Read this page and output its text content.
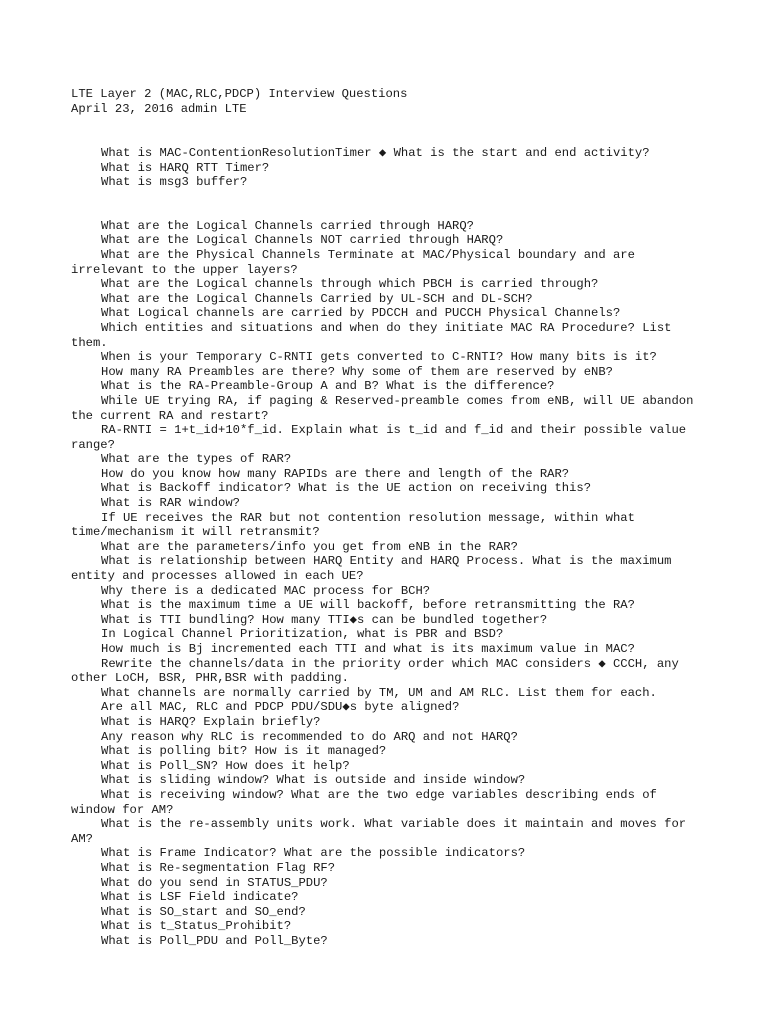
LTE Layer 2 (MAC,RLC,PDCP) Interview Questions

April 23, 2016 admin LTE

What is MAC-ContentionResolutionTimer ◆ What is the start and end activity?

What is HARQ RTT Timer?

What is msg3 buffer?

What are the Logical Channels carried through HARQ?

What are the Logical Channels NOT carried through HARQ?

What are the Physical Channels Terminate at MAC/Physical boundary and are irrelevant to the upper layers?

What are the Logical channels through which PBCH is carried through?

What are the Logical Channels Carried by UL-SCH and DL-SCH?

What Logical channels are carried by PDCCH and PUCCH Physical Channels?

Which entities and situations and when do they initiate MAC RA Procedure? List them.

When is your Temporary C-RNTI gets converted to C-RNTI? How many bits is it?

How many RA Preambles are there? Why some of them are reserved by eNB?

What is the RA-Preamble-Group A and B? What is the difference?

While UE trying RA, if paging & Reserved-preamble comes from eNB, will UE abandon the current RA and restart?

RA-RNTI = 1+t_id+10*f_id. Explain what is t_id and f_id and their possible value range?

What are the types of RAR?

How do you know how many RAPIDs are there and length of the RAR?

What is Backoff indicator? What is the UE action on receiving this?

What is RAR window?

If UE receives the RAR but not contention resolution message, within what time/mechanism it will retransmit?

What are the parameters/info you get from eNB in the RAR?

What is relationship between HARQ Entity and HARQ Process. What is the maximum entity and processes allowed in each UE?

Why there is a dedicated MAC process for BCH?

What is the maximum time a UE will backoff, before retransmitting the RA?

What is TTI bundling? How many TTI◆s can be bundled together?

In Logical Channel Prioritization, what is PBR and BSD?

How much is Bj incremented each TTI and what is its maximum value in MAC?

Rewrite the channels/data in the priority order which MAC considers ◆ CCCH, any other LoCH, BSR, PHR,BSR with padding.

What channels are normally carried by TM, UM and AM RLC. List them for each.

Are all MAC, RLC and PDCP PDU/SDU◆s byte aligned?

What is HARQ? Explain briefly?

Any reason why RLC is recommended to do ARQ and not HARQ?

What is polling bit? How is it managed?

What is Poll_SN? How does it help?

What is sliding window? What is outside and inside window?

What is receiving window? What are the two edge variables describing ends of window for AM?

What is the re-assembly units work. What variable does it maintain and moves for AM?

What is Frame Indicator? What are the possible indicators?

What is Re-segmentation Flag RF?

What do you send in STATUS_PDU?

What is LSF Field indicate?

What is SO_start and SO_end?

What is t_Status_Prohibit?

What is Poll_PDU and Poll_Byte?
